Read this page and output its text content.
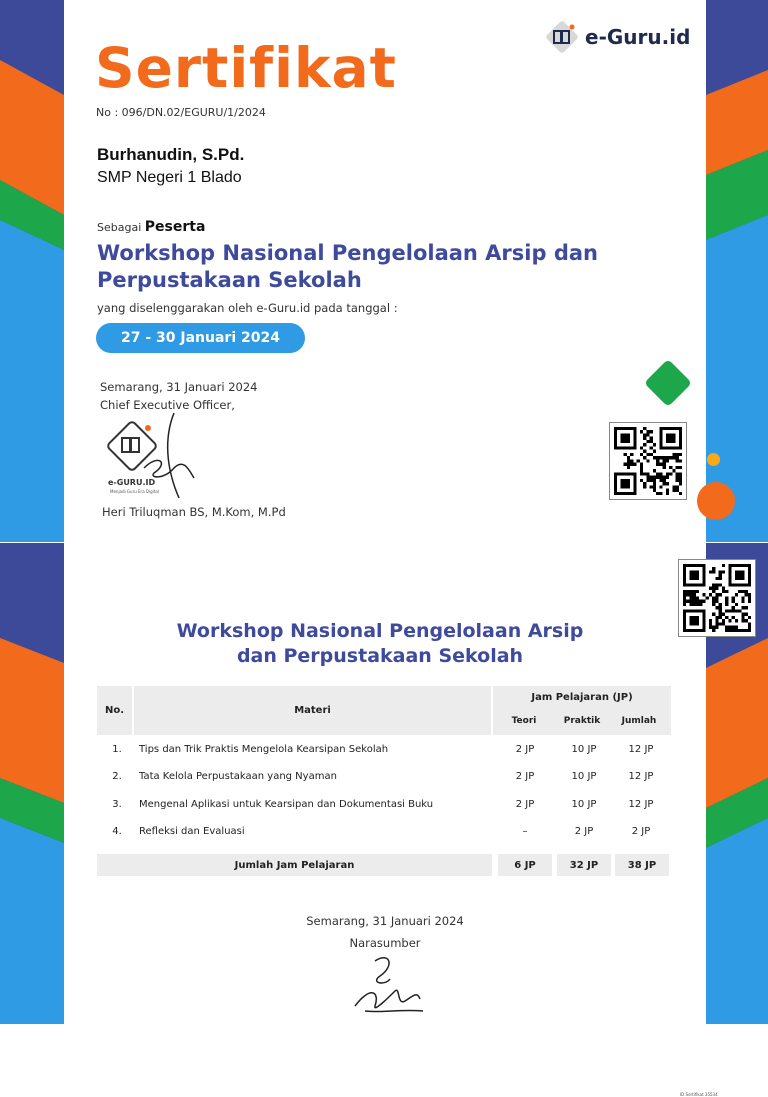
e-Guru.id
Sertifikat
No : 096/DN.02/EGURU/1/2024
Burhanudin, S.Pd.
SMP Negeri 1 Blado
Sebagai Peserta
Workshop Nasional Pengelolaan Arsip dan Perpustakaan Sekolah
yang diselenggarakan oleh e-Guru.id pada tanggal :
27 - 30 Januari 2024
Semarang, 31 Januari 2024
Chief Executive Officer,
e-GURU.ID
Menjadi Guru Era Digital
Heri Triluqman BS, M.Kom, M.Pd
ID Sertifikat 35534
Workshop Nasional Pengelolaan Arsip
dan Perpustakaan Sekolah
No.	Materi
Jam Pelajaran (JP)
Teori	Praktik	Jumlah
1.	Tips dan Trik Praktis Mengelola Kearsipan Sekolah	2 JP	10 JP	12 JP
2.	Tata Kelola Perpustakaan yang Nyaman	2 JP	10 JP	12 JP
3.	Mengenal Aplikasi untuk Kearsipan dan Dokumentasi Buku	2 JP	10 JP	12 JP
4.	Refleksi dan Evaluasi	–	2 JP	2 JP
Jumlah Jam Pelajaran	6 JP	32 JP	38 JP
Semarang, 31 Januari 2024
Narasumber
